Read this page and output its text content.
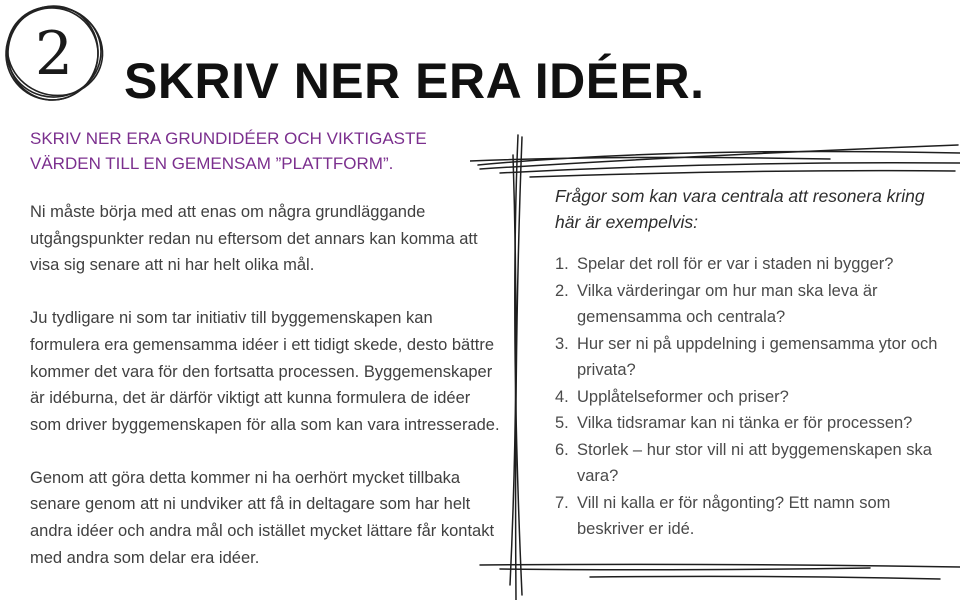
2 SKRIV NER ERA IDÉER.

SKRIV NER ERA GRUNDIDÉER OCH VIKTIGASTE VÄRDEN TILL EN GEMENSAM ”PLATTFORM”.

Ni måste börja med att enas om några grundläggande utgångspunkter redan nu eftersom det annars kan komma att visa sig senare att ni har helt olika mål.

Ju tydligare ni som tar initiativ till byggemenskapen kan formulera era gemensamma idéer i ett tidigt skede, desto bättre kommer det vara för den fortsatta processen. Byggemenskaper är idéburna, det är därför viktigt att kunna formulera de idéer som driver byggemenskapen för alla som kan vara intresserade.

Genom att göra detta kommer ni ha oerhört mycket tillbaka senare genom att ni undviker att få in deltagare som har helt andra idéer och andra mål och istället mycket lättare får kontakt med andra som delar era idéer.

Frågor som kan vara centrala att resonera kring här är exempelvis:

1. Spelar det roll för er var i staden ni bygger?
2. Vilka värderingar om hur man ska leva är gemensamma och centrala?
3. Hur ser ni på uppdelning i gemensamma ytor och privata?
4. Upplåtelseformer och priser?
5. Vilka tidsramar kan ni tänka er för processen?
6. Storlek – hur stor vill ni att byggemenskapen ska vara?
7. Vill ni kalla er för någonting? Ett namn som beskriver er idé.
